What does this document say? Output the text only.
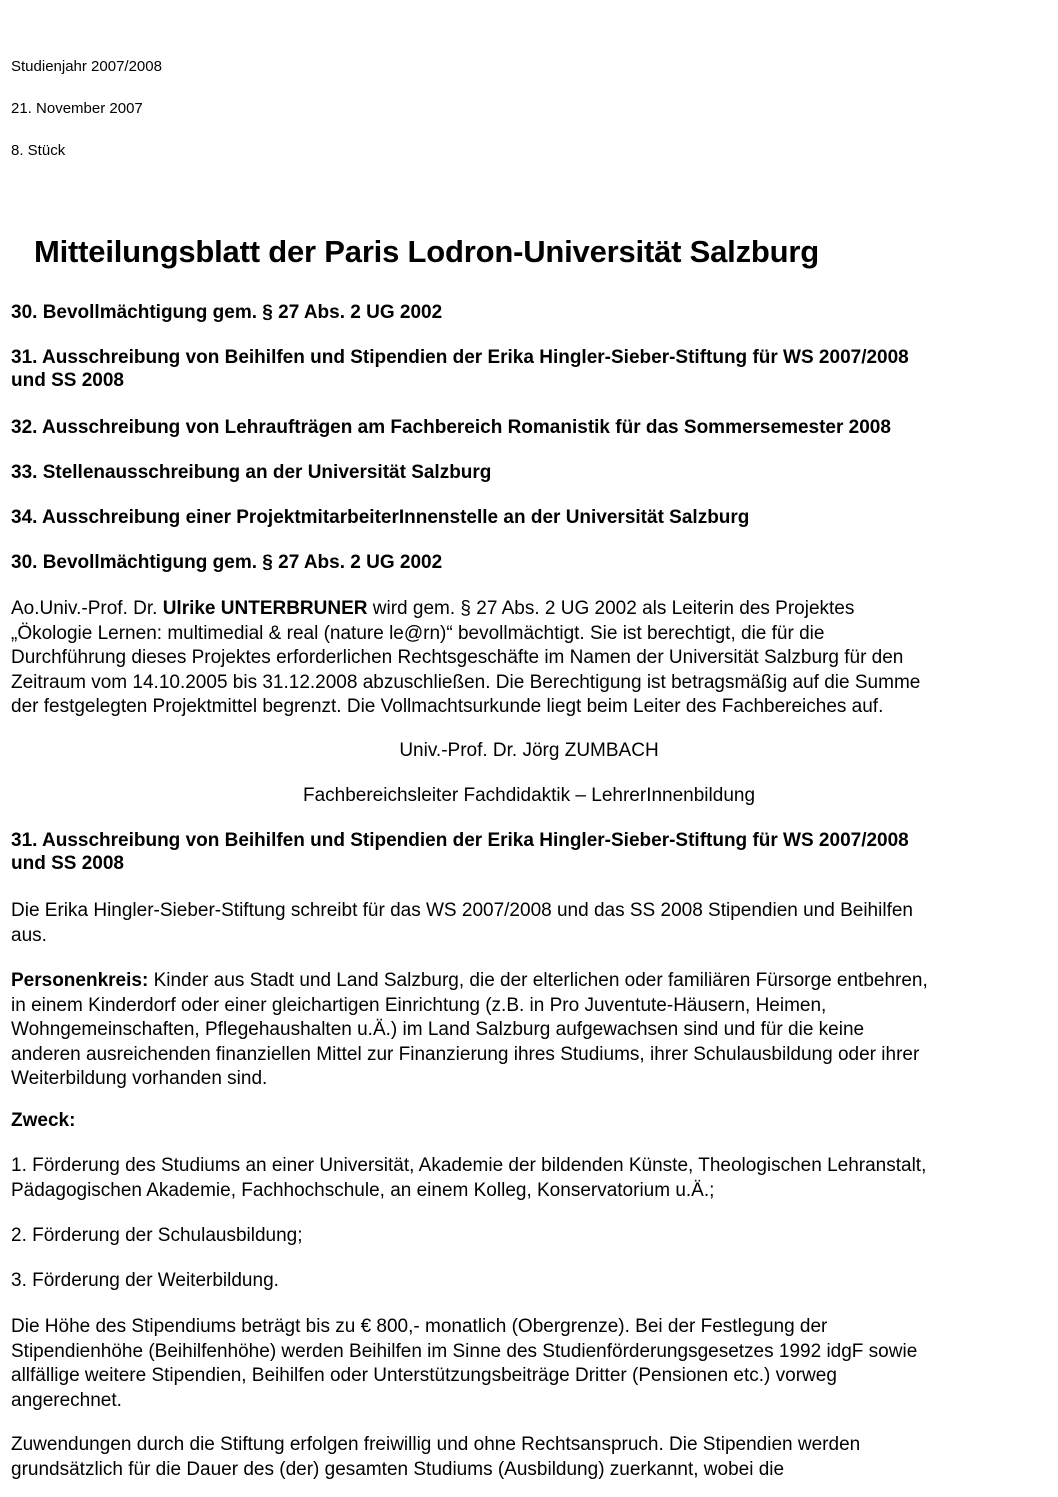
Studienjahr 2007/2008

21. November 2007

8. Stück

Mitteilungsblatt der Paris Lodron-Universität Salzburg

30. Bevollmächtigung gem. § 27 Abs. 2 UG 2002

31. Ausschreibung von Beihilfen und Stipendien der Erika Hingler-Sieber-Stiftung für WS 2007/2008
und SS 2008

32. Ausschreibung von Lehraufträgen am Fachbereich Romanistik für das Sommersemester 2008

33. Stellenausschreibung an der Universität Salzburg

34. Ausschreibung einer ProjektmitarbeiterInnenstelle an der Universität Salzburg

30. Bevollmächtigung gem. § 27 Abs. 2 UG 2002
Ao.Univ.-Prof. Dr. Ulrike UNTERBRUNER wird gem. § 27 Abs. 2 UG 2002 als Leiterin des Projektes
„Ökologie Lernen: multimedial & real (nature le@rn)“ bevollmächtigt. Sie ist berechtigt, die für die
Durchführung dieses Projektes erforderlichen Rechtsgeschäfte im Namen der Universität Salzburg für den
Zeitraum vom 14.10.2005 bis 31.12.2008 abzuschließen. Die Berechtigung ist betragsmäßig auf die Summe
der festgelegten Projektmittel begrenzt. Die Vollmachtsurkunde liegt beim Leiter des Fachbereiches auf.

Univ.-Prof. Dr. Jörg ZUMBACH

Fachbereichsleiter Fachdidaktik – LehrerInnenbildung

31. Ausschreibung von Beihilfen und Stipendien der Erika Hingler-Sieber-Stiftung für WS 2007/2008
und SS 2008
Die Erika Hingler-Sieber-Stiftung schreibt für das WS 2007/2008 und das SS 2008 Stipendien und Beihilfen
aus.
Personenkreis: Kinder aus Stadt und Land Salzburg, die der elterlichen oder familiären Fürsorge entbehren,
in einem Kinderdorf oder einer gleichartigen Einrichtung (z.B. in Pro Juventute-Häusern, Heimen,
Wohngemeinschaften, Pflegehaushalten u.Ä.) im Land Salzburg aufgewachsen sind und für die keine
anderen ausreichenden finanziellen Mittel zur Finanzierung ihres Studiums, ihrer Schulausbildung oder ihrer
Weiterbildung vorhanden sind.

Zweck:

1. Förderung des Studiums an einer Universität, Akademie der bildenden Künste, Theologischen Lehranstalt,
Pädagogischen Akademie, Fachhochschule, an einem Kolleg, Konservatorium u.Ä.;

2. Förderung der Schulausbildung;

3. Förderung der Weiterbildung.

Die Höhe des Stipendiums beträgt bis zu € 800,- monatlich (Obergrenze). Bei der Festlegung der
Stipendienhöhe (Beihilfenhöhe) werden Beihilfen im Sinne des Studienförderungsgesetzes 1992 idgF sowie
allfällige weitere Stipendien, Beihilfen oder Unterstützungsbeiträge Dritter (Pensionen etc.) vorweg
angerechnet.
Zuwendungen durch die Stiftung erfolgen freiwillig und ohne Rechtsanspruch. Die Stipendien werden
grundsätzlich für die Dauer des (der) gesamten Studiums (Ausbildung) zuerkannt, wobei die
